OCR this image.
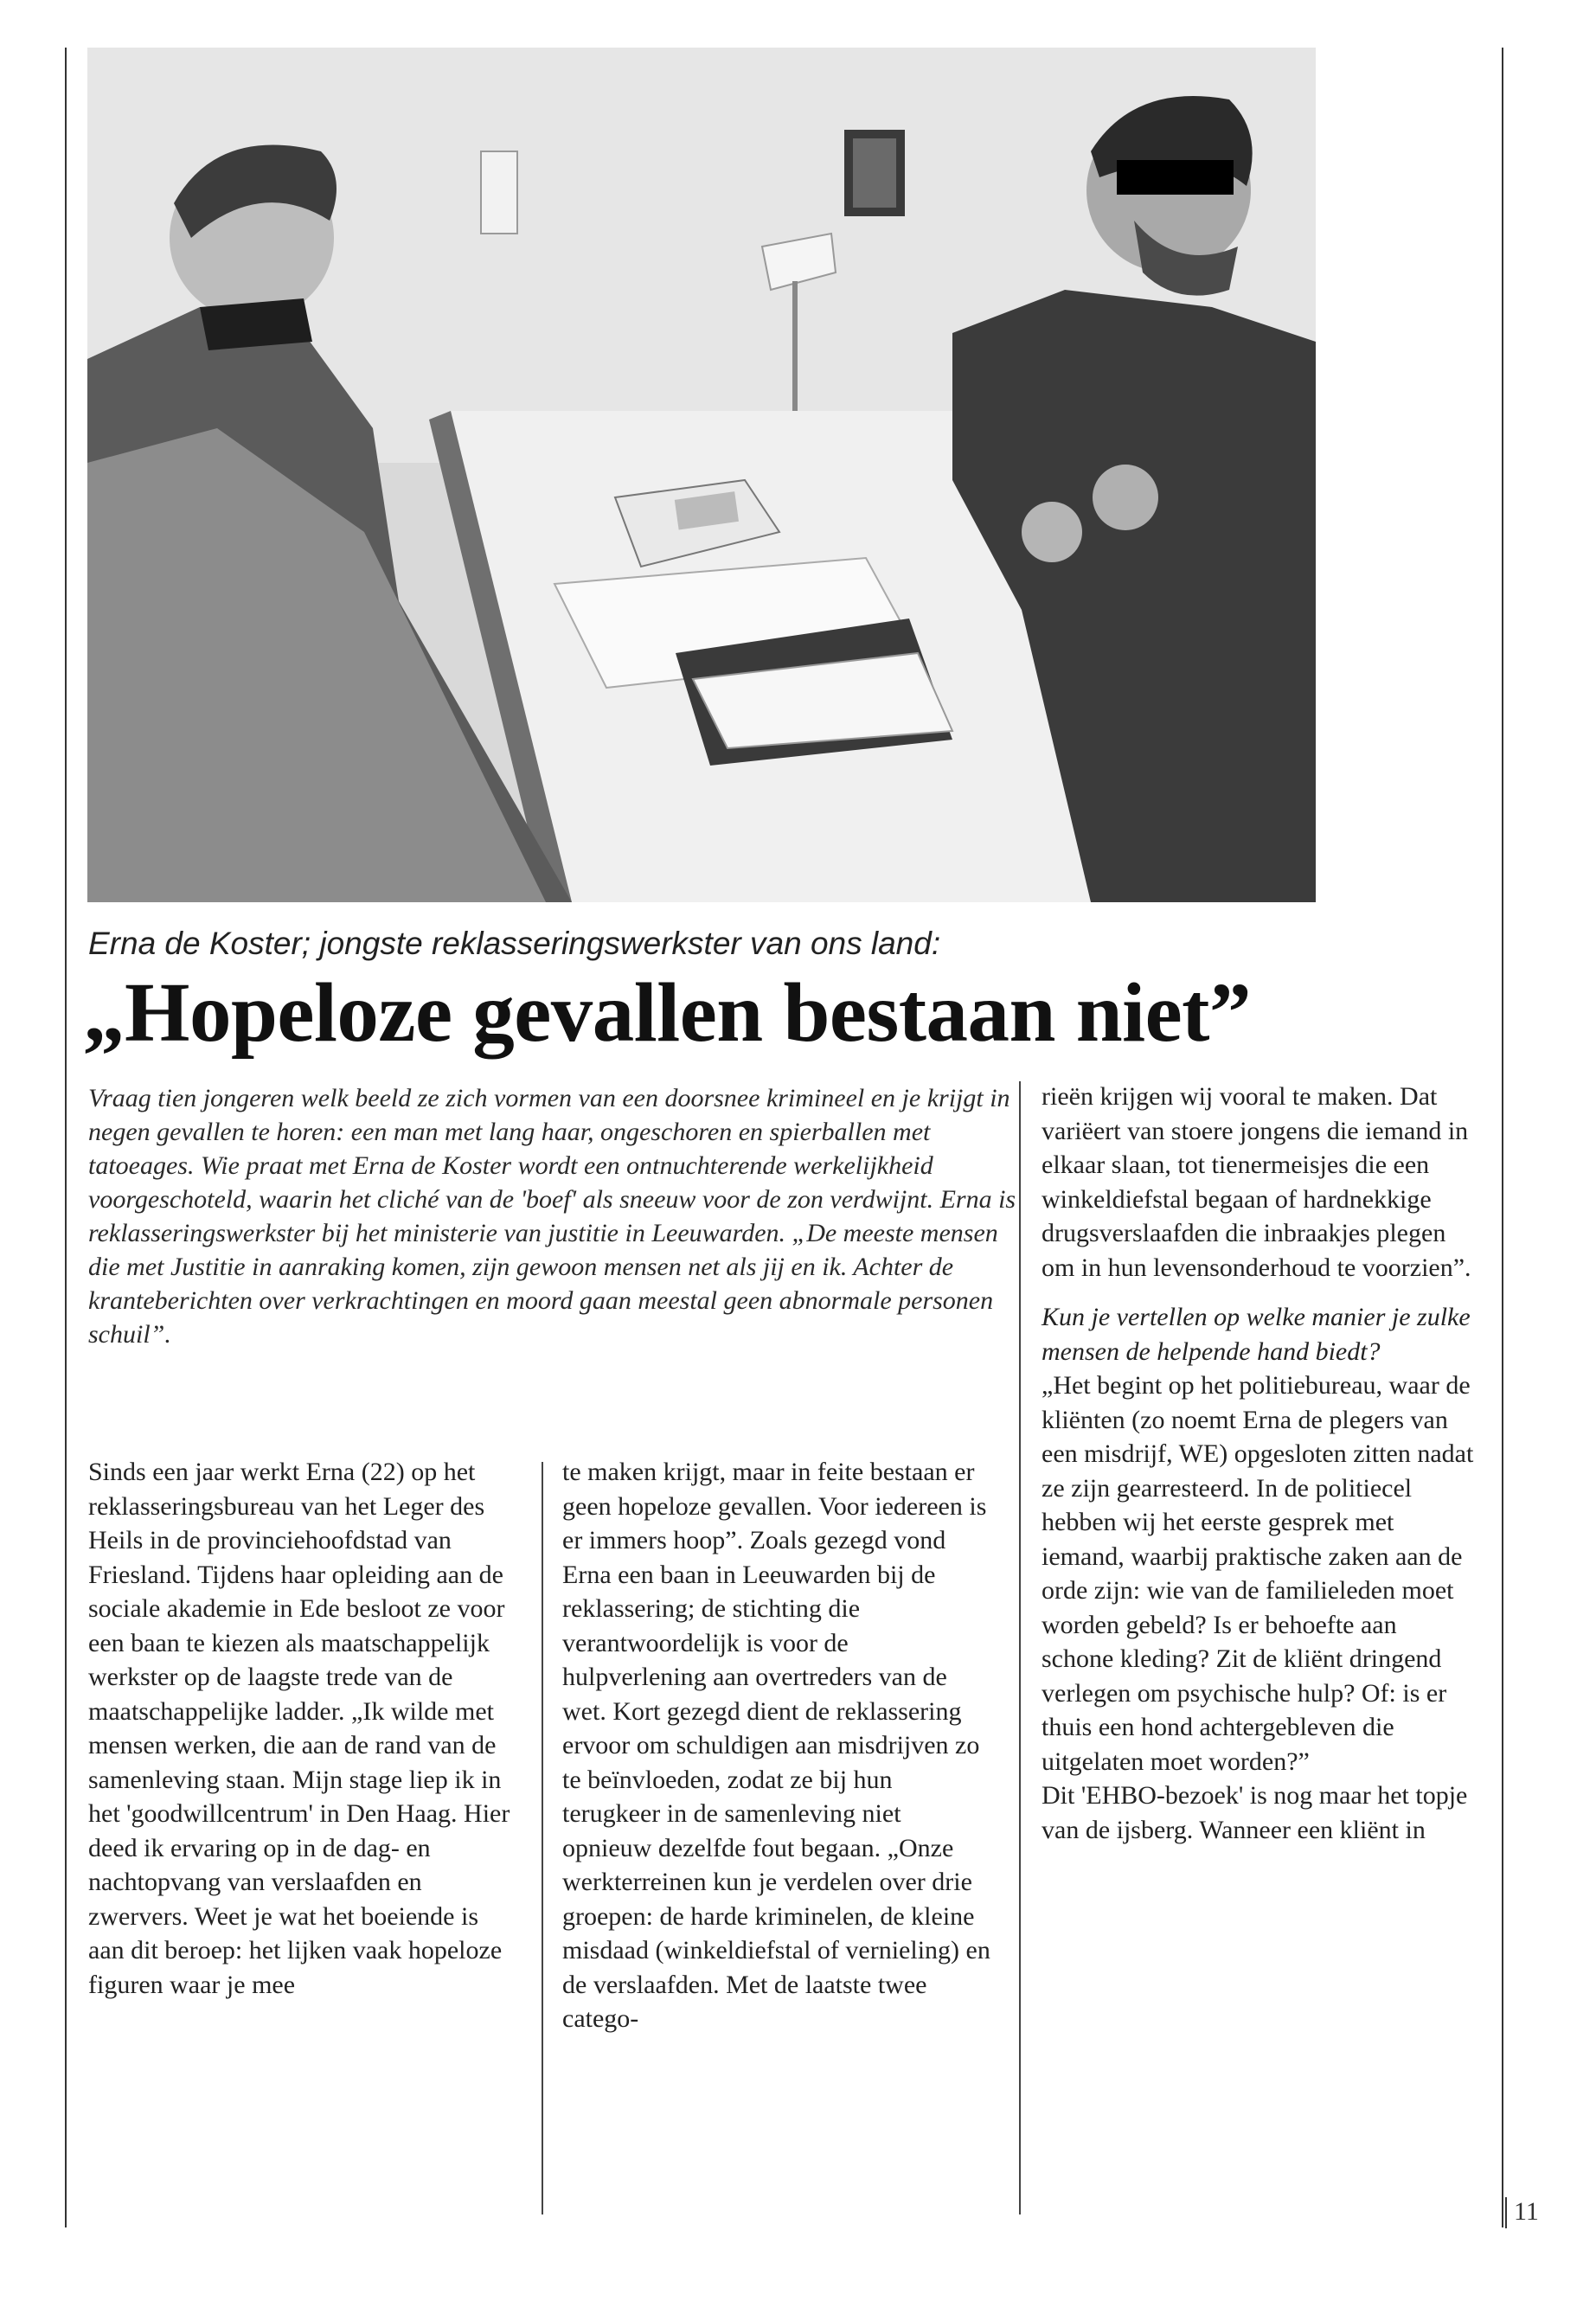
Erna de Koster; jongste reklasseringswerkster van ons land:
„Hopeloze gevallen bestaan niet”
Vraag tien jongeren welk beeld ze zich vormen van een doorsnee krimineel en je krijgt in negen gevallen te horen: een man met lang haar, ongeschoren en spierballen met tatoeages. Wie praat met Erna de Koster wordt een ontnuchterende werkelijkheid voorgeschoteld, waarin het cliché van de 'boef' als sneeuw voor de zon verdwijnt. Erna is reklasseringswerkster bij het ministerie van justitie in Leeuwarden. „De meeste mensen die met Justitie in aanraking komen, zijn gewoon mensen net als jij en ik. Achter de kranteberichten over verkrachtingen en moord gaan meestal geen abnormale personen schuil”.

Sinds een jaar werkt Erna (22) op het reklasseringsbureau van het Leger des Heils in de provinciehoofdstad van Friesland. Tijdens haar opleiding aan de sociale akademie in Ede besloot ze voor een baan te kiezen als maatschappelijk werkster op de laagste trede van de maatschappelijke ladder. „Ik wilde met mensen werken, die aan de rand van de samenleving staan. Mijn stage liep ik in het 'goodwillcentrum' in Den Haag. Hier deed ik ervaring op in de dag- en nachtopvang van verslaafden en zwervers. Weet je wat het boeiende is aan dit beroep: het lijken vaak hopeloze figuren waar je mee

te maken krijgt, maar in feite bestaan er geen hopeloze gevallen. Voor iedereen is er immers hoop”. Zoals gezegd vond Erna een baan in Leeuwarden bij de reklassering; de stichting die verantwoordelijk is voor de hulpverlening aan overtreders van de wet. Kort gezegd dient de reklassering ervoor om schuldigen aan misdrijven zo te beïnvloeden, zodat ze bij hun terugkeer in de samenleving niet opnieuw dezelfde fout begaan. „Onze werkterreinen kun je verdelen over drie groepen: de harde kriminelen, de kleine misdaad (winkeldiefstal of vernieling) en de verslaafden. Met de laatste twee catego-

rieën krijgen wij vooral te maken. Dat variëert van stoere jongens die iemand in elkaar slaan, tot tienermeisjes die een winkeldiefstal begaan of hardnekkige drugsverslaafden die inbraakjes plegen om in hun levensonderhoud te voorzien”.

Kun je vertellen op welke manier je zulke mensen de helpende hand biedt?

„Het begint op het politiebureau, waar de kliënten (zo noemt Erna de plegers van een misdrijf, WE) opgesloten zitten nadat ze zijn gearresteerd. In de politiecel hebben wij het eerste gesprek met iemand, waarbij praktische zaken aan de orde zijn: wie van de familieleden moet worden gebeld? Is er behoefte aan schone kleding? Zit de kliënt dringend verlegen om psychische hulp? Of: is er thuis een hond achtergebleven die uitgelaten moet worden?”

Dit 'EHBO-bezoek' is nog maar het topje van de ijsberg. Wanneer een kliënt in

11
